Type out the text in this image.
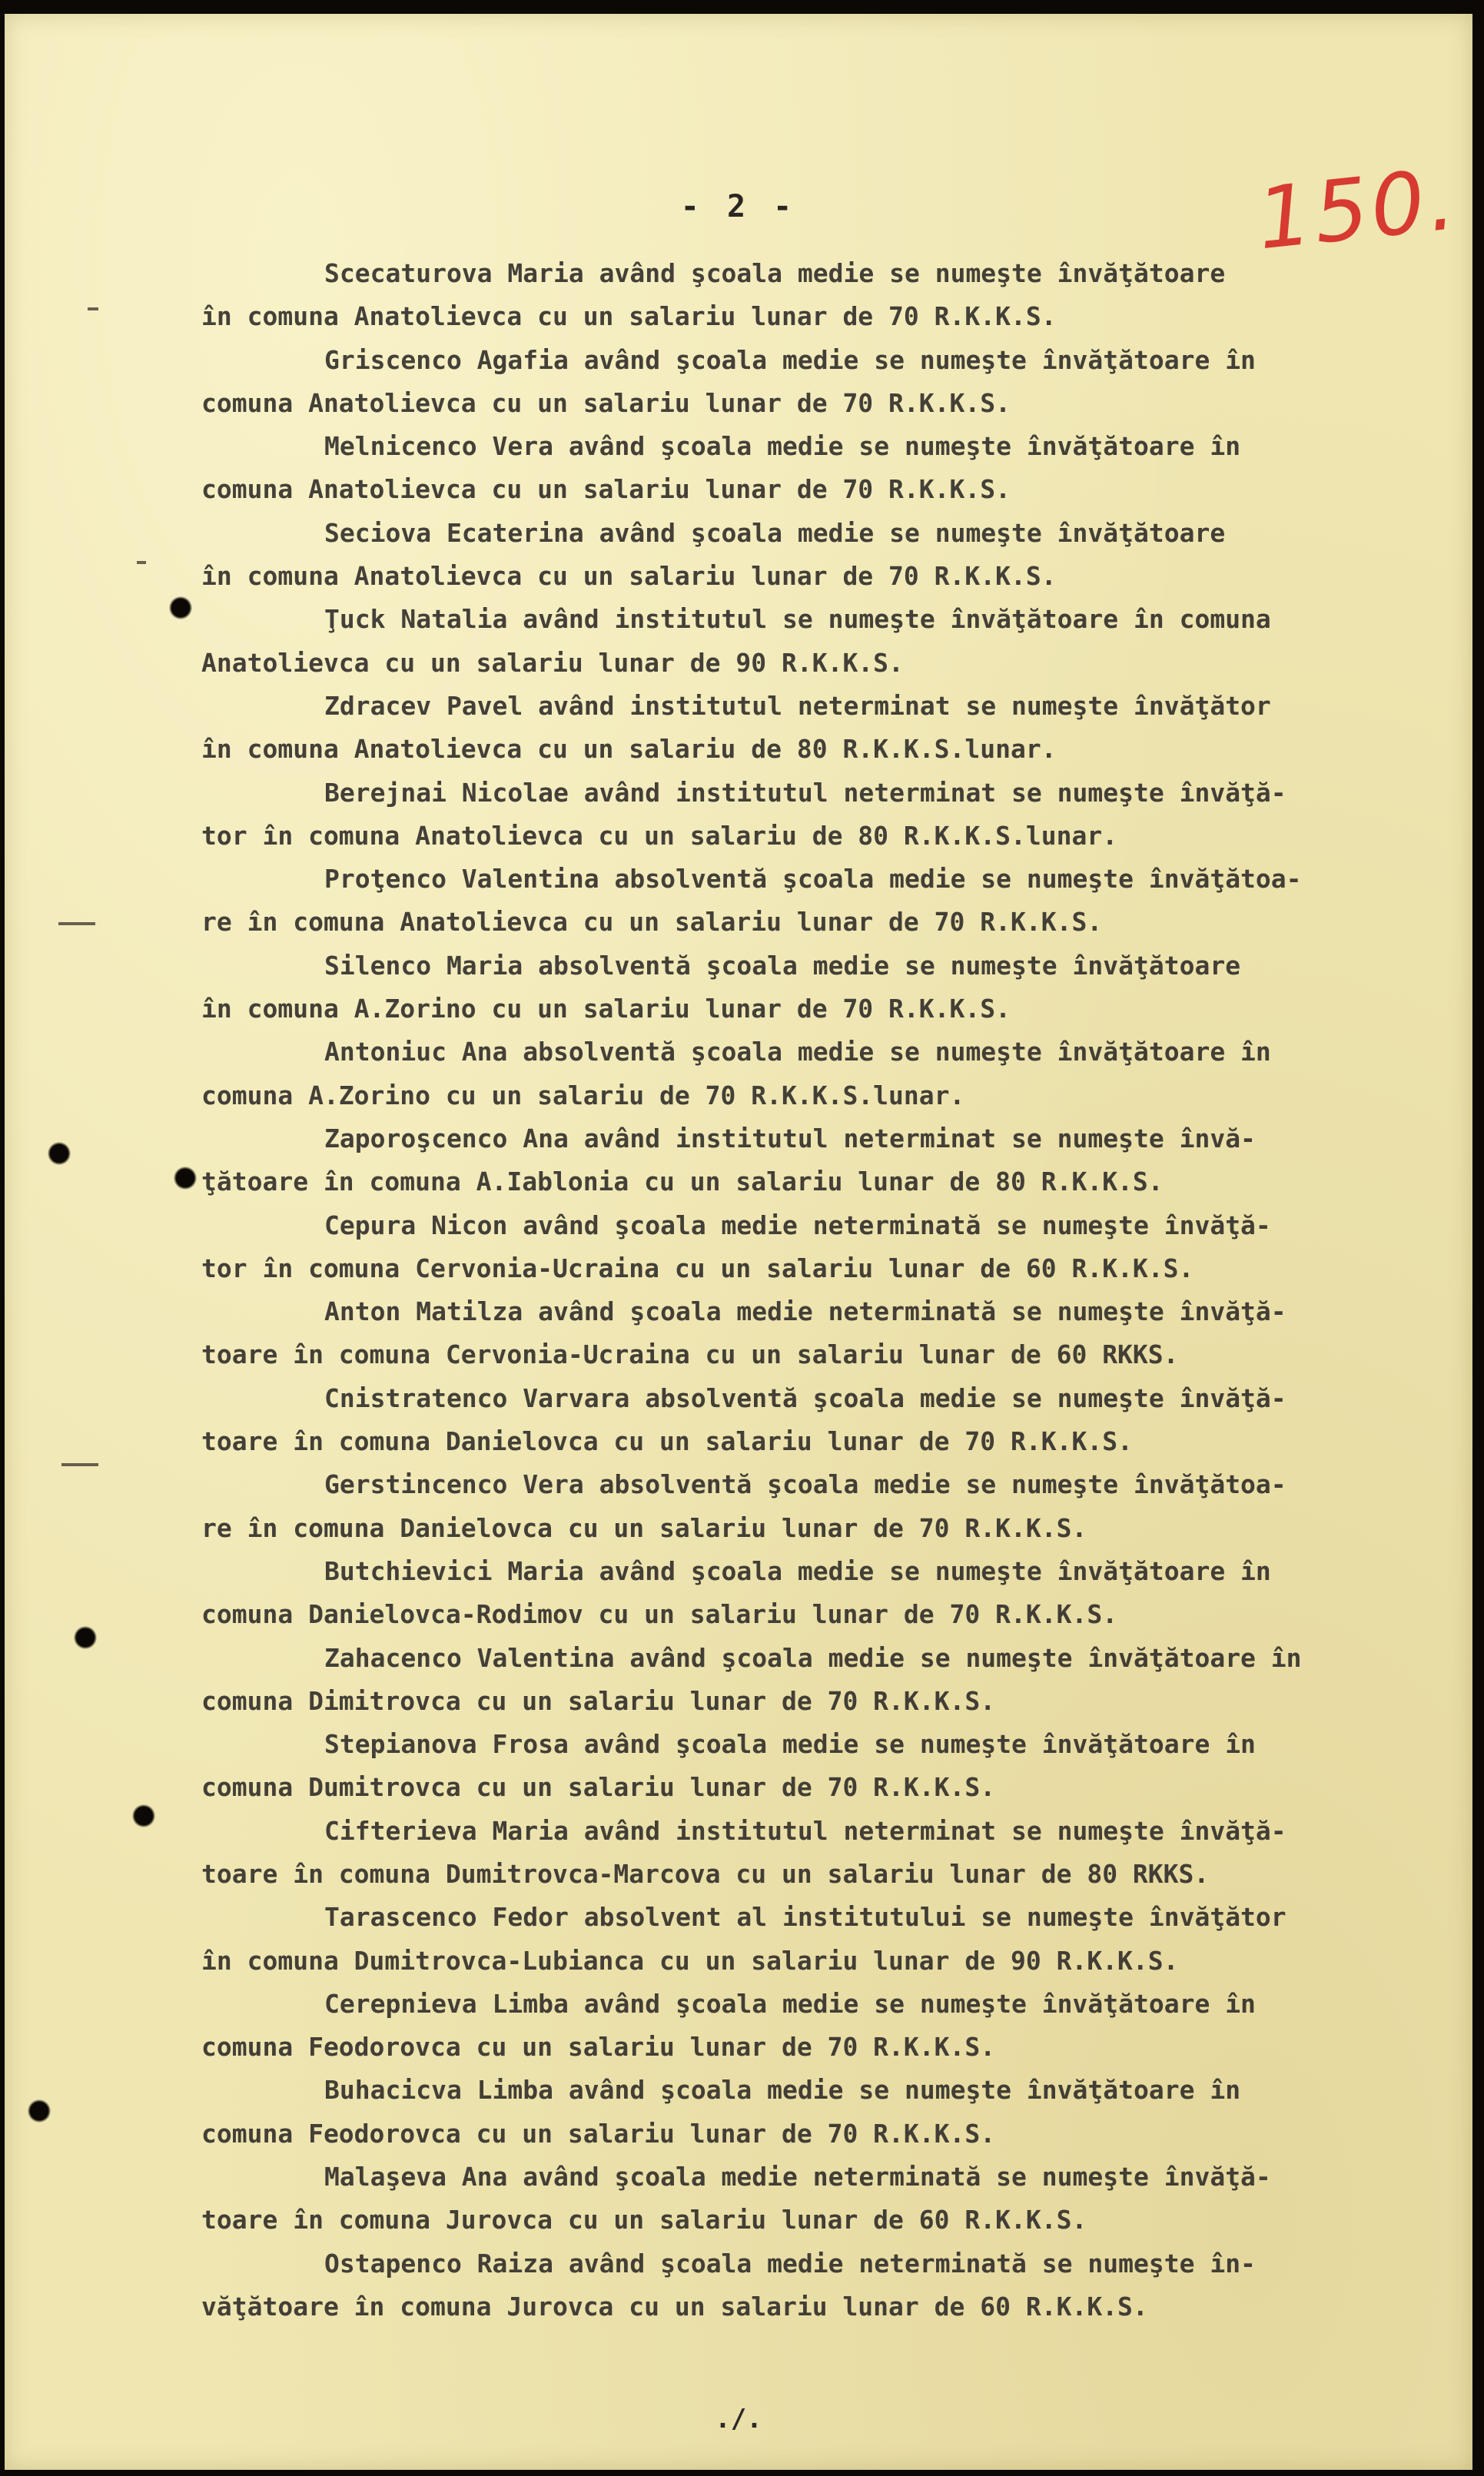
- 2 -	150.
Scecaturova Maria având şcoala medie se numeşte învăţătoare
în comuna Anatolievca cu un salariu lunar de 70 R.K.K.S.
Griscenco Agafia având şcoala medie se numeşte învăţătoare în
comuna Anatolievca cu un salariu lunar de 70 R.K.K.S.
Melnicenco Vera având şcoala medie se numeşte învăţătoare în
comuna Anatolievca cu un salariu lunar de 70 R.K.K.S.
Seciova Ecaterina având şcoala medie se numeşte învăţătoare
în comuna Anatolievca cu un salariu lunar de 70 R.K.K.S.
Ţuck Natalia având institutul se numeşte învăţătoare în comuna
Anatolievca cu un salariu lunar de 90 R.K.K.S.
Zdracev Pavel având institutul neterminat se numeşte învăţător
în comuna Anatolievca cu un salariu de 80 R.K.K.S.lunar.
Berejnai Nicolae având institutul neterminat se numeşte învăţă-
tor în comuna Anatolievca cu un salariu de 80 R.K.K.S.lunar.
Proţenco Valentina absolventă şcoala medie se numeşte învăţătoa-
re în comuna Anatolievca cu un salariu lunar de 70 R.K.K.S.
Silenco Maria absolventă şcoala medie se numeşte învăţătoare
în comuna A.Zorino cu un salariu lunar de 70 R.K.K.S.
Antoniuc Ana absolventă şcoala medie se numeşte învăţătoare în
comuna A.Zorino cu un salariu de 70 R.K.K.S.lunar.
Zaporoşcenco Ana având institutul neterminat se numeşte învă-
ţătoare în comuna A.Iablonia cu un salariu lunar de 80 R.K.K.S.
Cepura Nicon având şcoala medie neterminată se numeşte învăţă-
tor în comuna Cervonia-Ucraina cu un salariu lunar de 60 R.K.K.S.
Anton Matilza având şcoala medie neterminată se numeşte învăţă-
toare în comuna Cervonia-Ucraina cu un salariu lunar de 60 RKKS.
Cnistratenco Varvara absolventă şcoala medie se numeşte învăţă-
toare în comuna Danielovca cu un salariu lunar de 70 R.K.K.S.
Gerstincenco Vera absolventă şcoala medie se numeşte învăţătoa-
re în comuna Danielovca cu un salariu lunar de 70 R.K.K.S.
Butchievici Maria având şcoala medie se numeşte învăţătoare în
comuna Danielovca-Rodimov cu un salariu lunar de 70 R.K.K.S.
Zahacenco Valentina având şcoala medie se numeşte învăţătoare în
comuna Dimitrovca cu un salariu lunar de 70 R.K.K.S.
Stepianova Frosa având şcoala medie se numeşte învăţătoare în
comuna Dumitrovca cu un salariu lunar de 70 R.K.K.S.
Cifterieva Maria având institutul neterminat se numeşte învăţă-
toare în comuna Dumitrovca-Marcova cu un salariu lunar de 80 RKKS.
Tarascenco Fedor absolvent al institutului se numeşte învăţător
în comuna Dumitrovca-Lubianca cu un salariu lunar de 90 R.K.K.S.
Cerepnieva Limba având şcoala medie se numeşte învăţătoare în
comuna Feodorovca cu un salariu lunar de 70 R.K.K.S.
Buhacicva Limba având şcoala medie se numeşte învăţătoare în
comuna Feodorovca cu un salariu lunar de 70 R.K.K.S.
Malaşeva Ana având şcoala medie neterminată se numeşte învăţă-
toare în comuna Jurovca cu un salariu lunar de 60 R.K.K.S.
Ostapenco Raiza având şcoala medie neterminată se numeşte în-
văţătoare în comuna Jurovca cu un salariu lunar de 60 R.K.K.S.
./.
